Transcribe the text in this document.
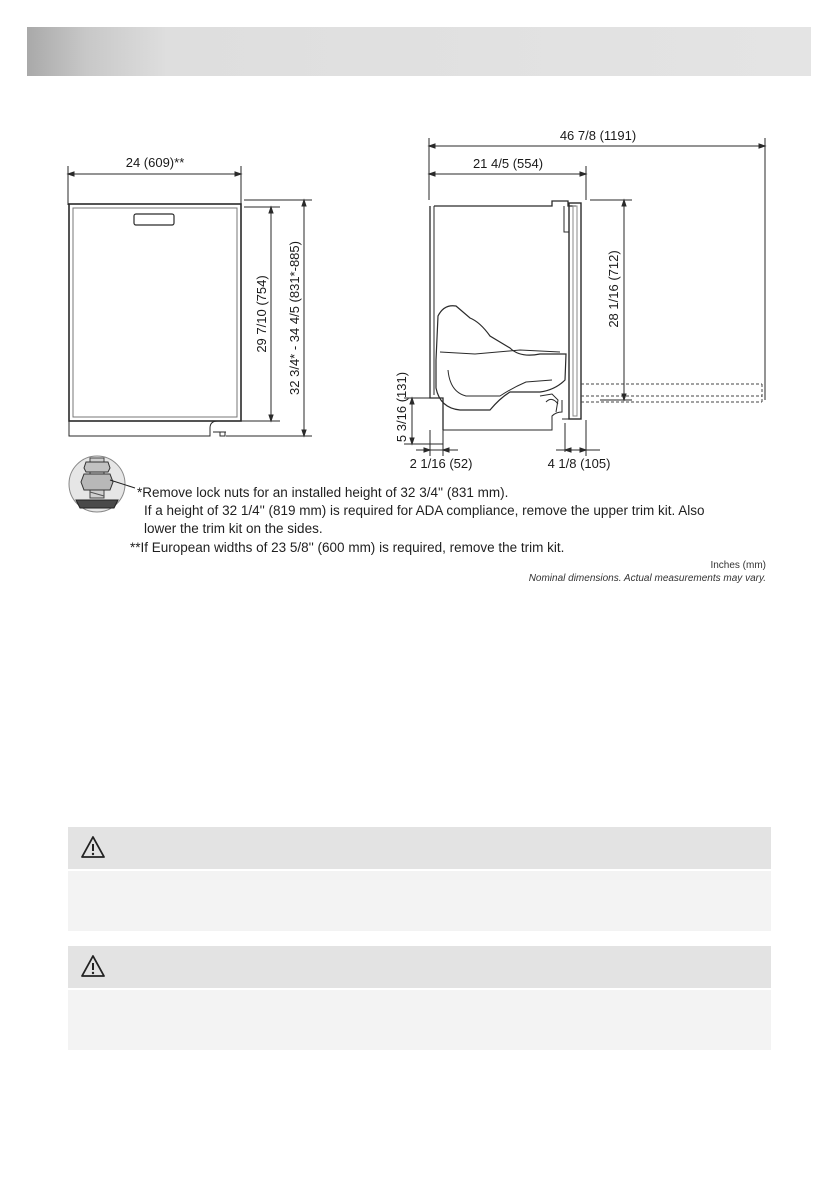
24 (609)**
29 7/10 (754) 32 3/4* - 34 4/5 (831*-885)
46 7/8 (1191)
21 4/5 (554)
28 1/16 (712)
5 3/16 (131)
2 1/16 (52)	4 1/8 (105)
*Remove lock nuts for an installed height of 32 3/4'' (831 mm).
If a height of 32 1/4'' (819 mm) is required for ADA compliance, remove the upper trim kit. Also
lower the trim kit on the sides.
**If European widths of 23 5/8'' (600 mm) is required, remove the trim kit.
Inches (mm)
Nominal dimensions. Actual measurements may vary.
